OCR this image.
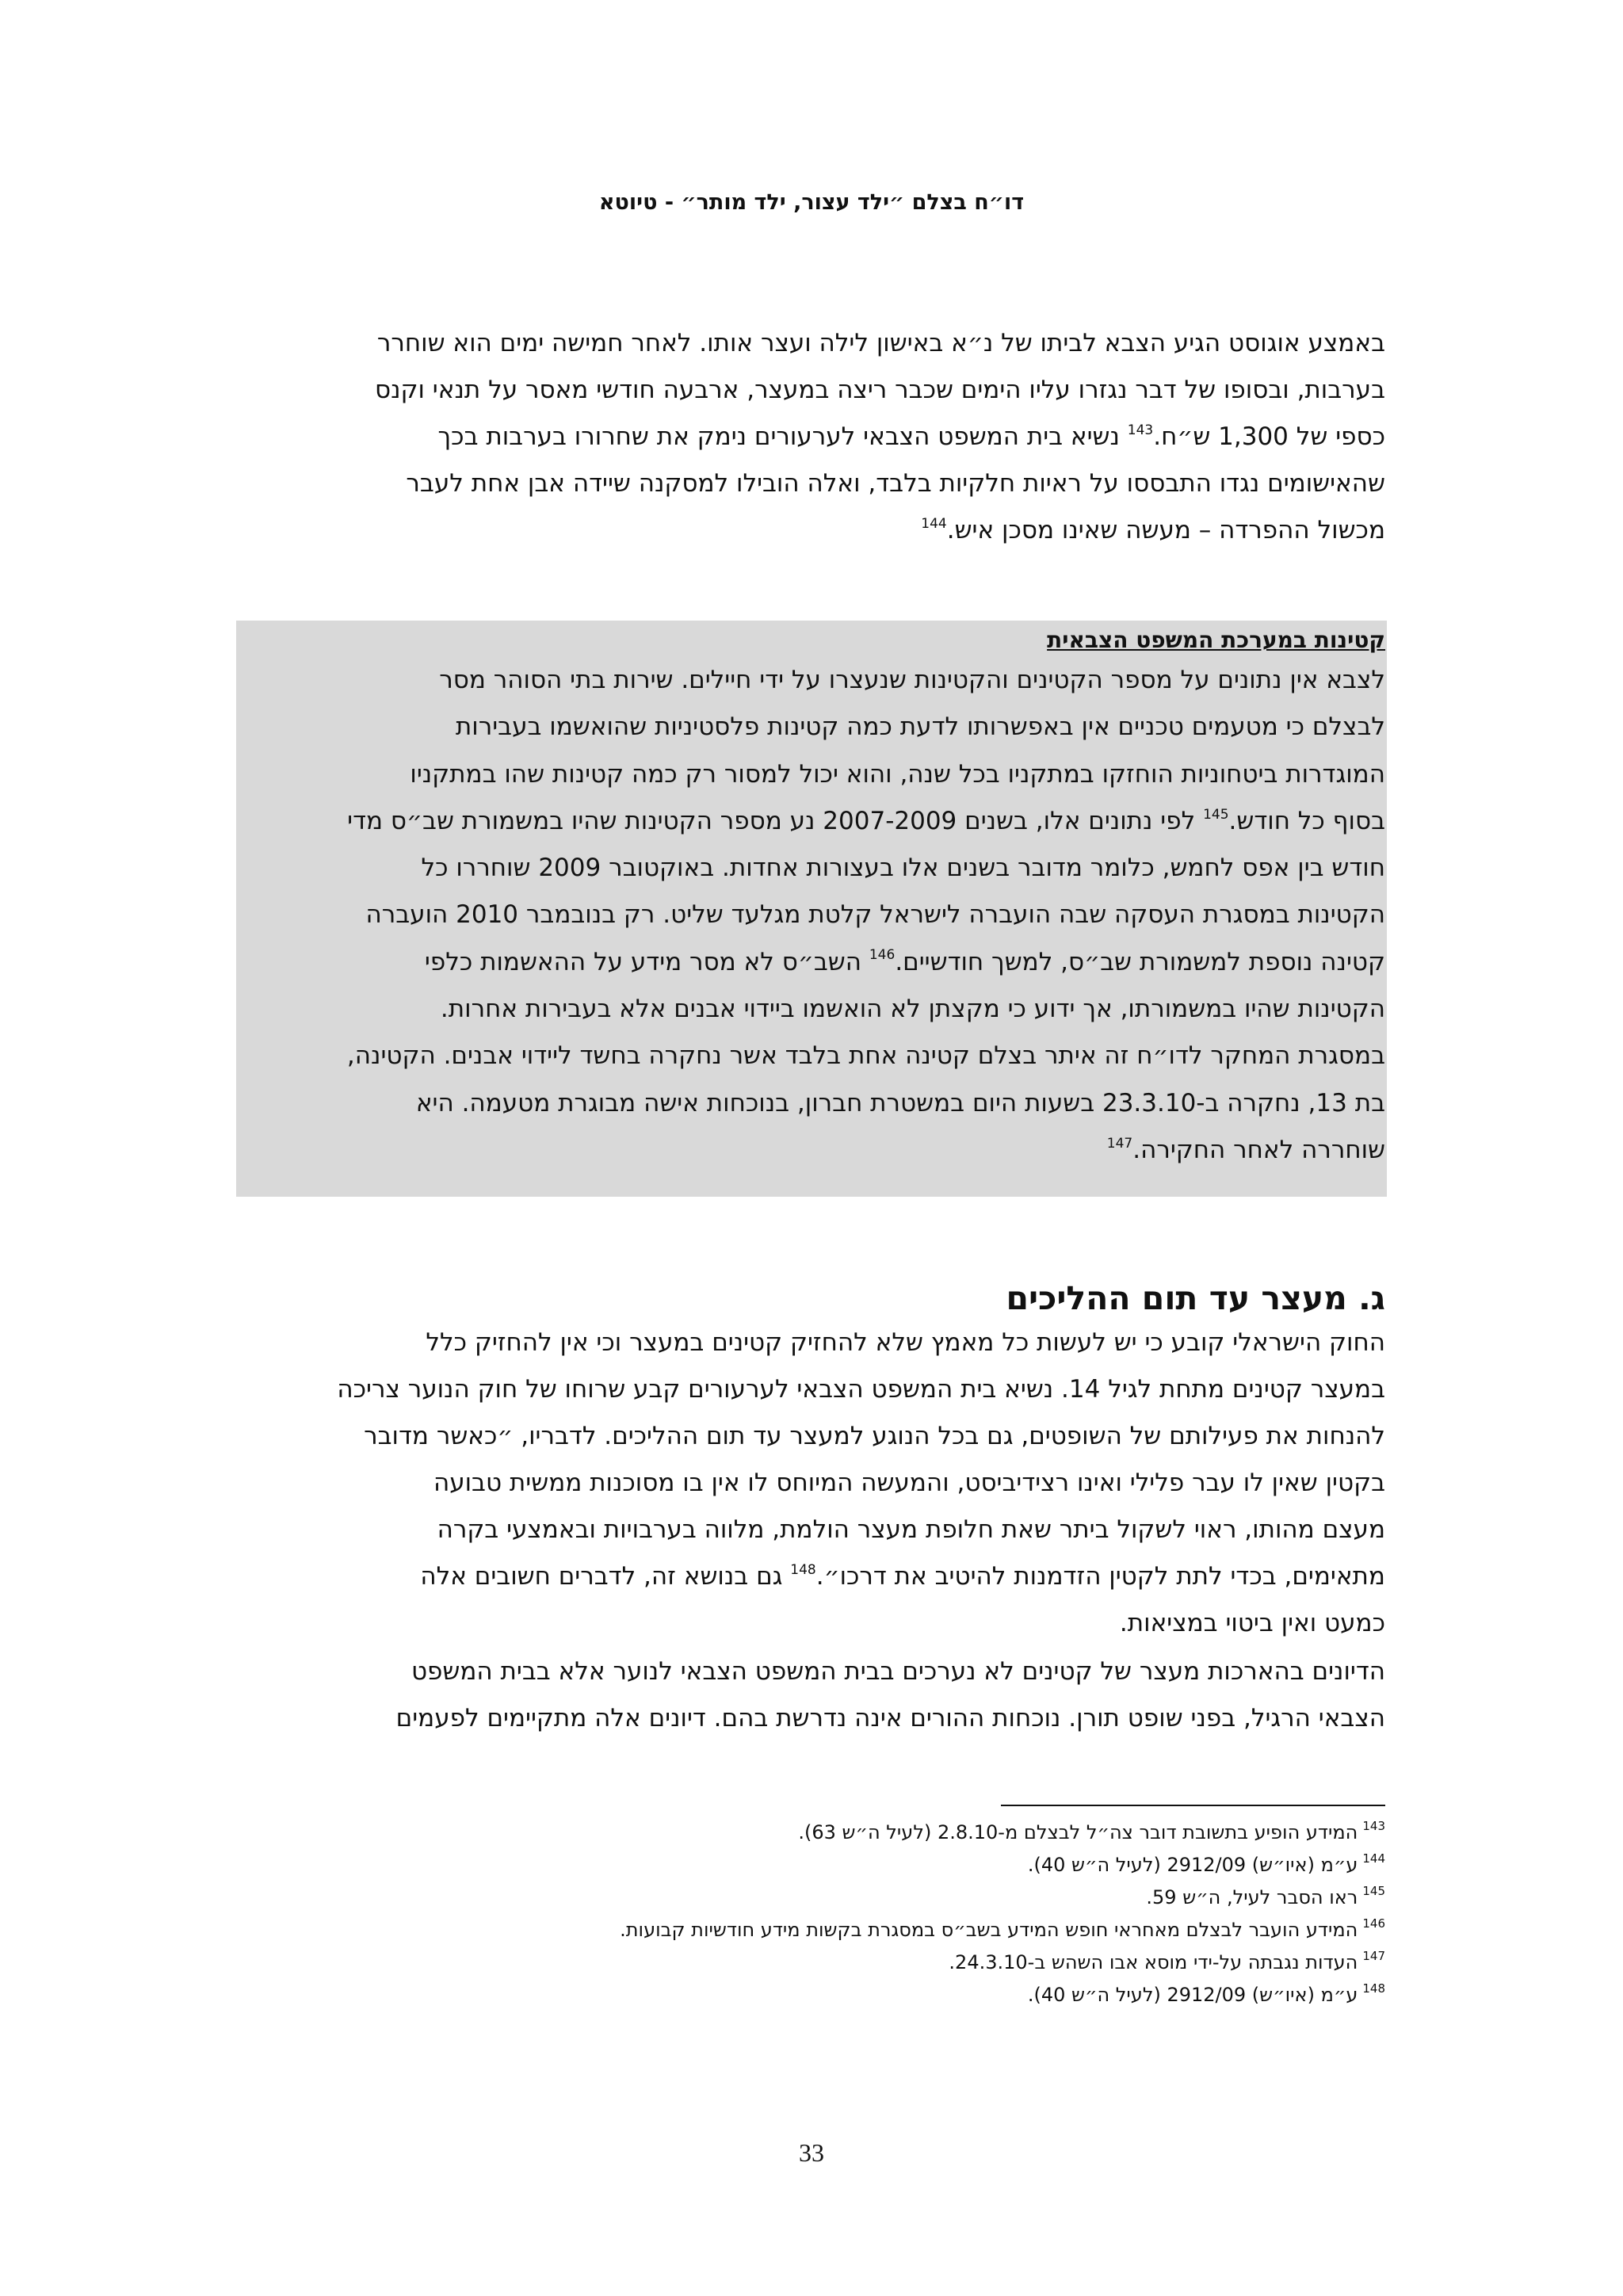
דו״ח בצלם ״ילד עצור, ילד מותר״ - טיוטא

באמצע אוגוסט הגיע הצבא לביתו של נ״א באישון לילה ועצר אותו. לאחר חמישה ימים הוא שוחרר
בערבות, ובסופו של דבר נגזרו עליו הימים שכבר ריצה במעצר, ארבעה חודשי מאסר על תנאי וקנס
כספי של 1,300 ש״ח.$^{143}$ נשיא בית המשפט הצבאי לערעורים נימק את שחרורו בערבות בכך
שהאישומים נגדו התבססו על ראיות חלקיות בלבד, ואלה הובילו למסקנה שיידה אבן אחת לעבר
מכשול ההפרדה – מעשה שאינו מסכן איש.$^{144}$

קטינות במערכת המשפט הצבאית

לצבא אין נתונים על מספר הקטינים והקטינות שנעצרו על ידי חיילים. שירות בתי הסוהר מסר
לבצלם כי מטעמים טכניים אין באפשרותו לדעת כמה קטינות פלסטיניות שהואשמו בעבירות
המוגדרות ביטחוניות הוחזקו במתקניו בכל שנה, והוא יכול למסור רק כמה קטינות שהו במתקניו
בסוף כל חודש.$^{145}$ לפי נתונים אלו, בשנים 2007-2009 נע מספר הקטינות שהיו במשמורת שב״ס מדי
חודש בין אפס לחמש, כלומר מדובר בשנים אלו בעצורות אחדות. באוקטובר 2009 שוחררו כל
הקטינות במסגרת העסקה שבה הועברה לישראל קלטת מגלעד שליט. רק בנובמבר 2010 הועברה
קטינה נוספת למשמורת שב״ס, למשך חודשיים.$^{146}$ השב״ס לא מסר מידע על ההאשמות כלפי
הקטינות שהיו במשמורתו, אך ידוע כי מקצתן לא הואשמו ביידוי אבנים אלא בעבירות אחרות.
במסגרת המחקר לדו״ח זה איתר בצלם קטינה אחת בלבד אשר נחקרה בחשד ליידוי אבנים. הקטינה,
בת 13, נחקרה ב-23.3.10 בשעות היום במשטרת חברון, בנוכחות אישה מבוגרת מטעמה. היא
שוחררה לאחר החקירה.$^{147}$

ג. מעצר עד תום ההליכים

החוק הישראלי קובע כי יש לעשות כל מאמץ שלא להחזיק קטינים במעצר וכי אין להחזיק כלל
במעצר קטינים מתחת לגיל 14. נשיא בית המשפט הצבאי לערעורים קבע שרוחו של חוק הנוער צריכה
להנחות את פעילותם של השופטים, גם בכל הנוגע למעצר עד תום ההליכים. לדבריו, ״כאשר מדובר
בקטין שאין לו עבר פלילי ואינו רצידיביסט, והמעשה המיוחס לו אין בו מסוכנות ממשית טבועה
מעצם מהותו, ראוי לשקול ביתר שאת חלופת מעצר הולמת, מלווה בערבויות ובאמצעי בקרה
מתאימים, בכדי לתת לקטין הזדמנות להיטיב את דרכו״.$^{148}$ גם בנושא זה, לדברים חשובים אלה
כמעט ואין ביטוי במציאות.

הדיונים בהארכות מעצר של קטינים לא נערכים בבית המשפט הצבאי לנוער אלא בבית המשפט
הצבאי הרגיל, בפני שופט תורן. נוכחות ההורים אינה נדרשת בהם. דיונים אלה מתקיימים לפעמים

$^{143}$המידע הופיע בתשובת דובר צה״ל לבצלם מ-2.8.10 (לעיל ה״ש 63).
$^{144}$ע״מ (איו״ש) 2912/09 (לעיל ה״ש 40).
$^{145}$ראו הסבר לעיל, ה״ש 59.
$^{146}$המידע הועבר לבצלם מאחראי חופש המידע בשב״ס במסגרת בקשות מידע חודשיות קבועות.
$^{147}$העדות נגבתה על-ידי מוסא אבו השהש ב-24.3.10.
$^{148}$ע״מ (איו״ש) 2912/09 (לעיל ה״ש 40).
33
